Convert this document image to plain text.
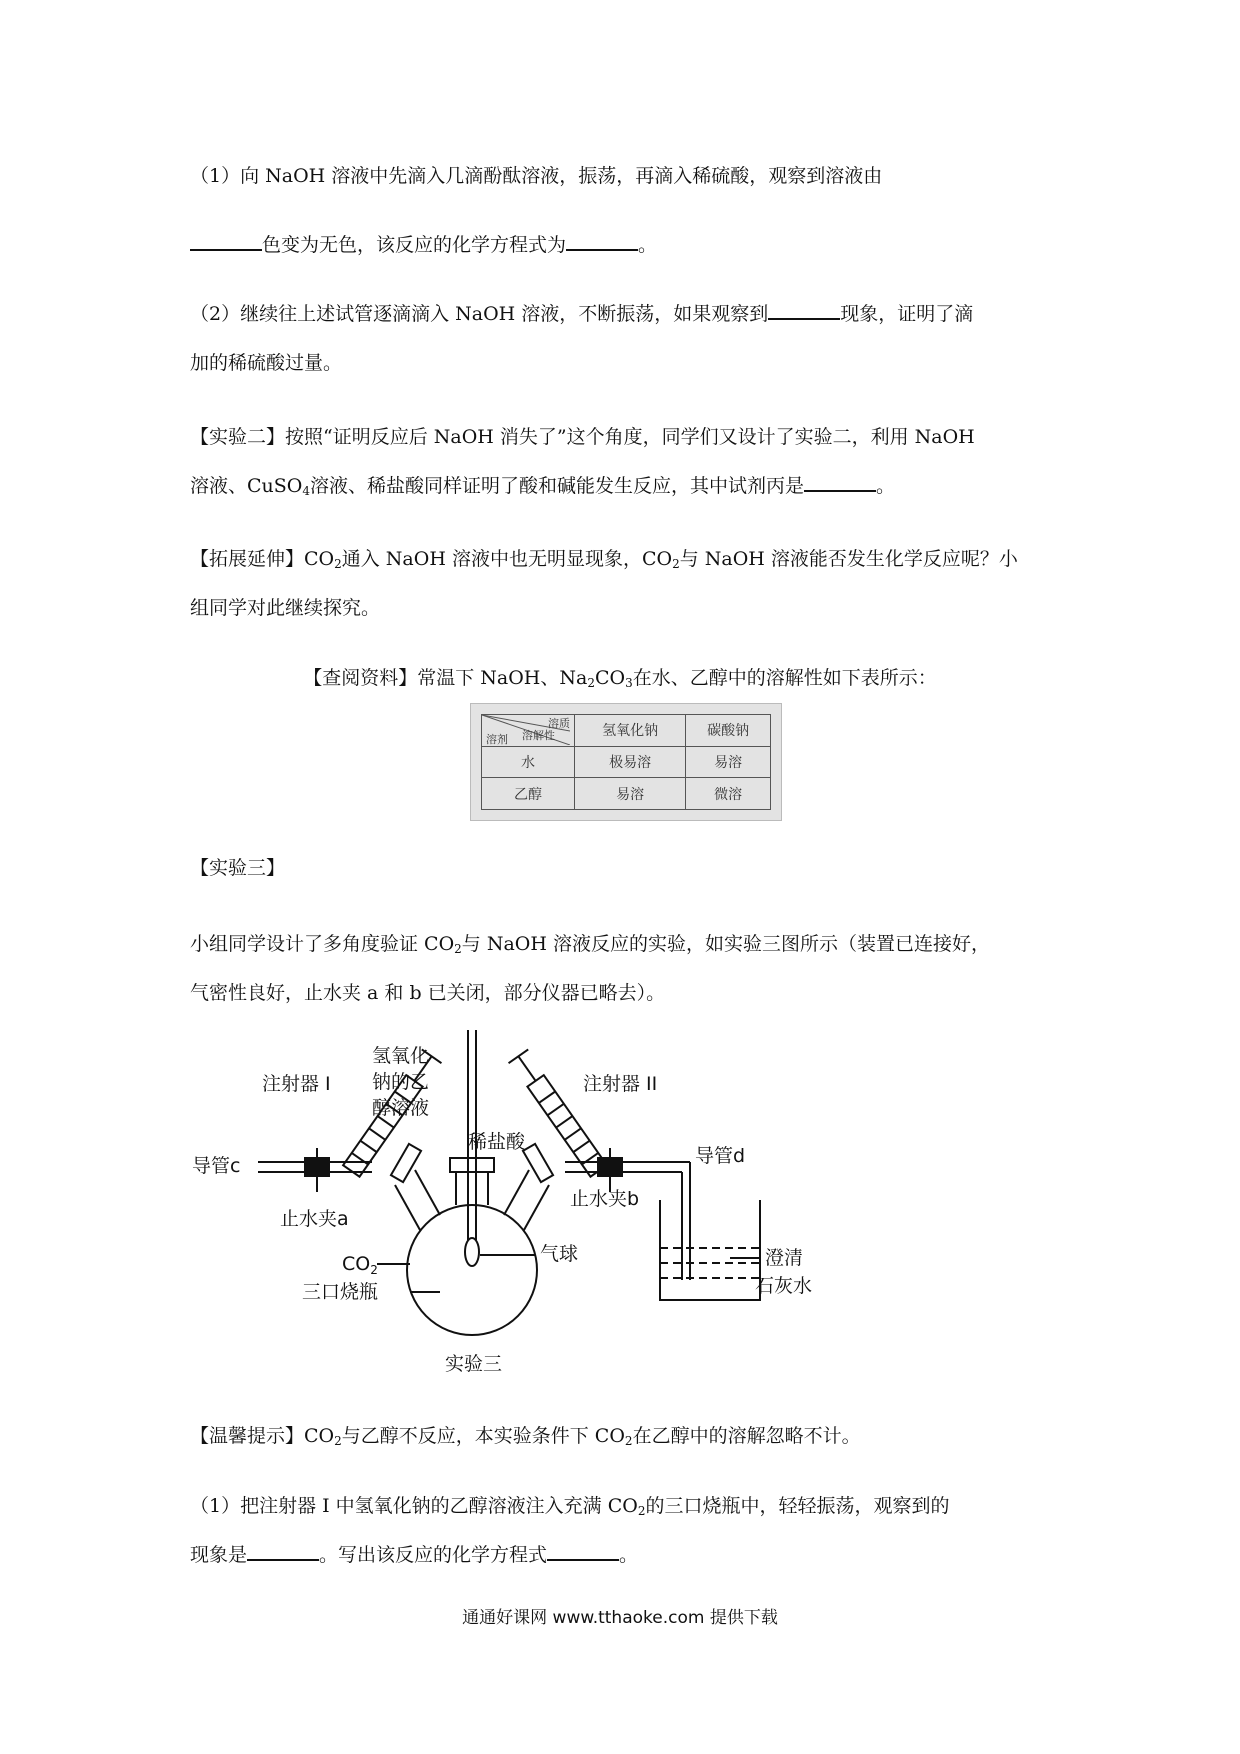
（1）向 NaOH 溶液中先滴入几滴酚酞溶液，振荡，再滴入稀硫酸，观察到溶液由
色变为无色，该反应的化学方程式为	。
（2）继续往上述试管逐滴滴入 NaOH 溶液，不断振荡，如果观察到	现象，证明了滴
加的稀硫酸过量。
【实验二】按照“证明反应后 NaOH 消失了”这个角度，同学们又设计了实验二，利用 NaOH
溶液、CuSO$_4$溶液、稀盐酸同样证明了酸和碱能发生反应，其中试剂丙是	。
【拓展延伸】$CO_2$通入 NaOH 溶液中也无明显现象，$CO_2$与 NaOH 溶液能否发生化学反应呢？小
组同学对此继续探究。
【查阅资料】常温下 NaOH、$Na_2CO_3$在水、乙醇中的溶解性如下表所示：
溶质
溶解性
溶剂	氢氧化钠	碳酸钠
水	极易溶	易溶
乙醇	易溶	微溶
【实验三】
小组同学设计了多角度验证 $CO_2$与 NaOH 溶液反应的实验，如实验三图所示（装置已连接好，
气密性良好，止水夹 a 和 b 已关闭，部分仪器已略去）。
氢氧化
钠的乙
醇溶液
注射器 I	注射器 II
导管c	导管d
稀盐酸
止水夹a
止水夹b
$CO_2$
三口烧瓶
气球	澄清
石灰水
实验三
【温馨提示】$CO_2$与乙醇不反应，本实验条件下 $CO_2$在乙醇中的溶解忽略不计。
（1）把注射器 I 中氢氧化钠的乙醇溶液注入充满 $CO_2$的三口烧瓶中，轻轻振荡，观察到的
现象是	。写出该反应的化学方程式	。
通通好课网 www.tthaoke.com 提供下载
